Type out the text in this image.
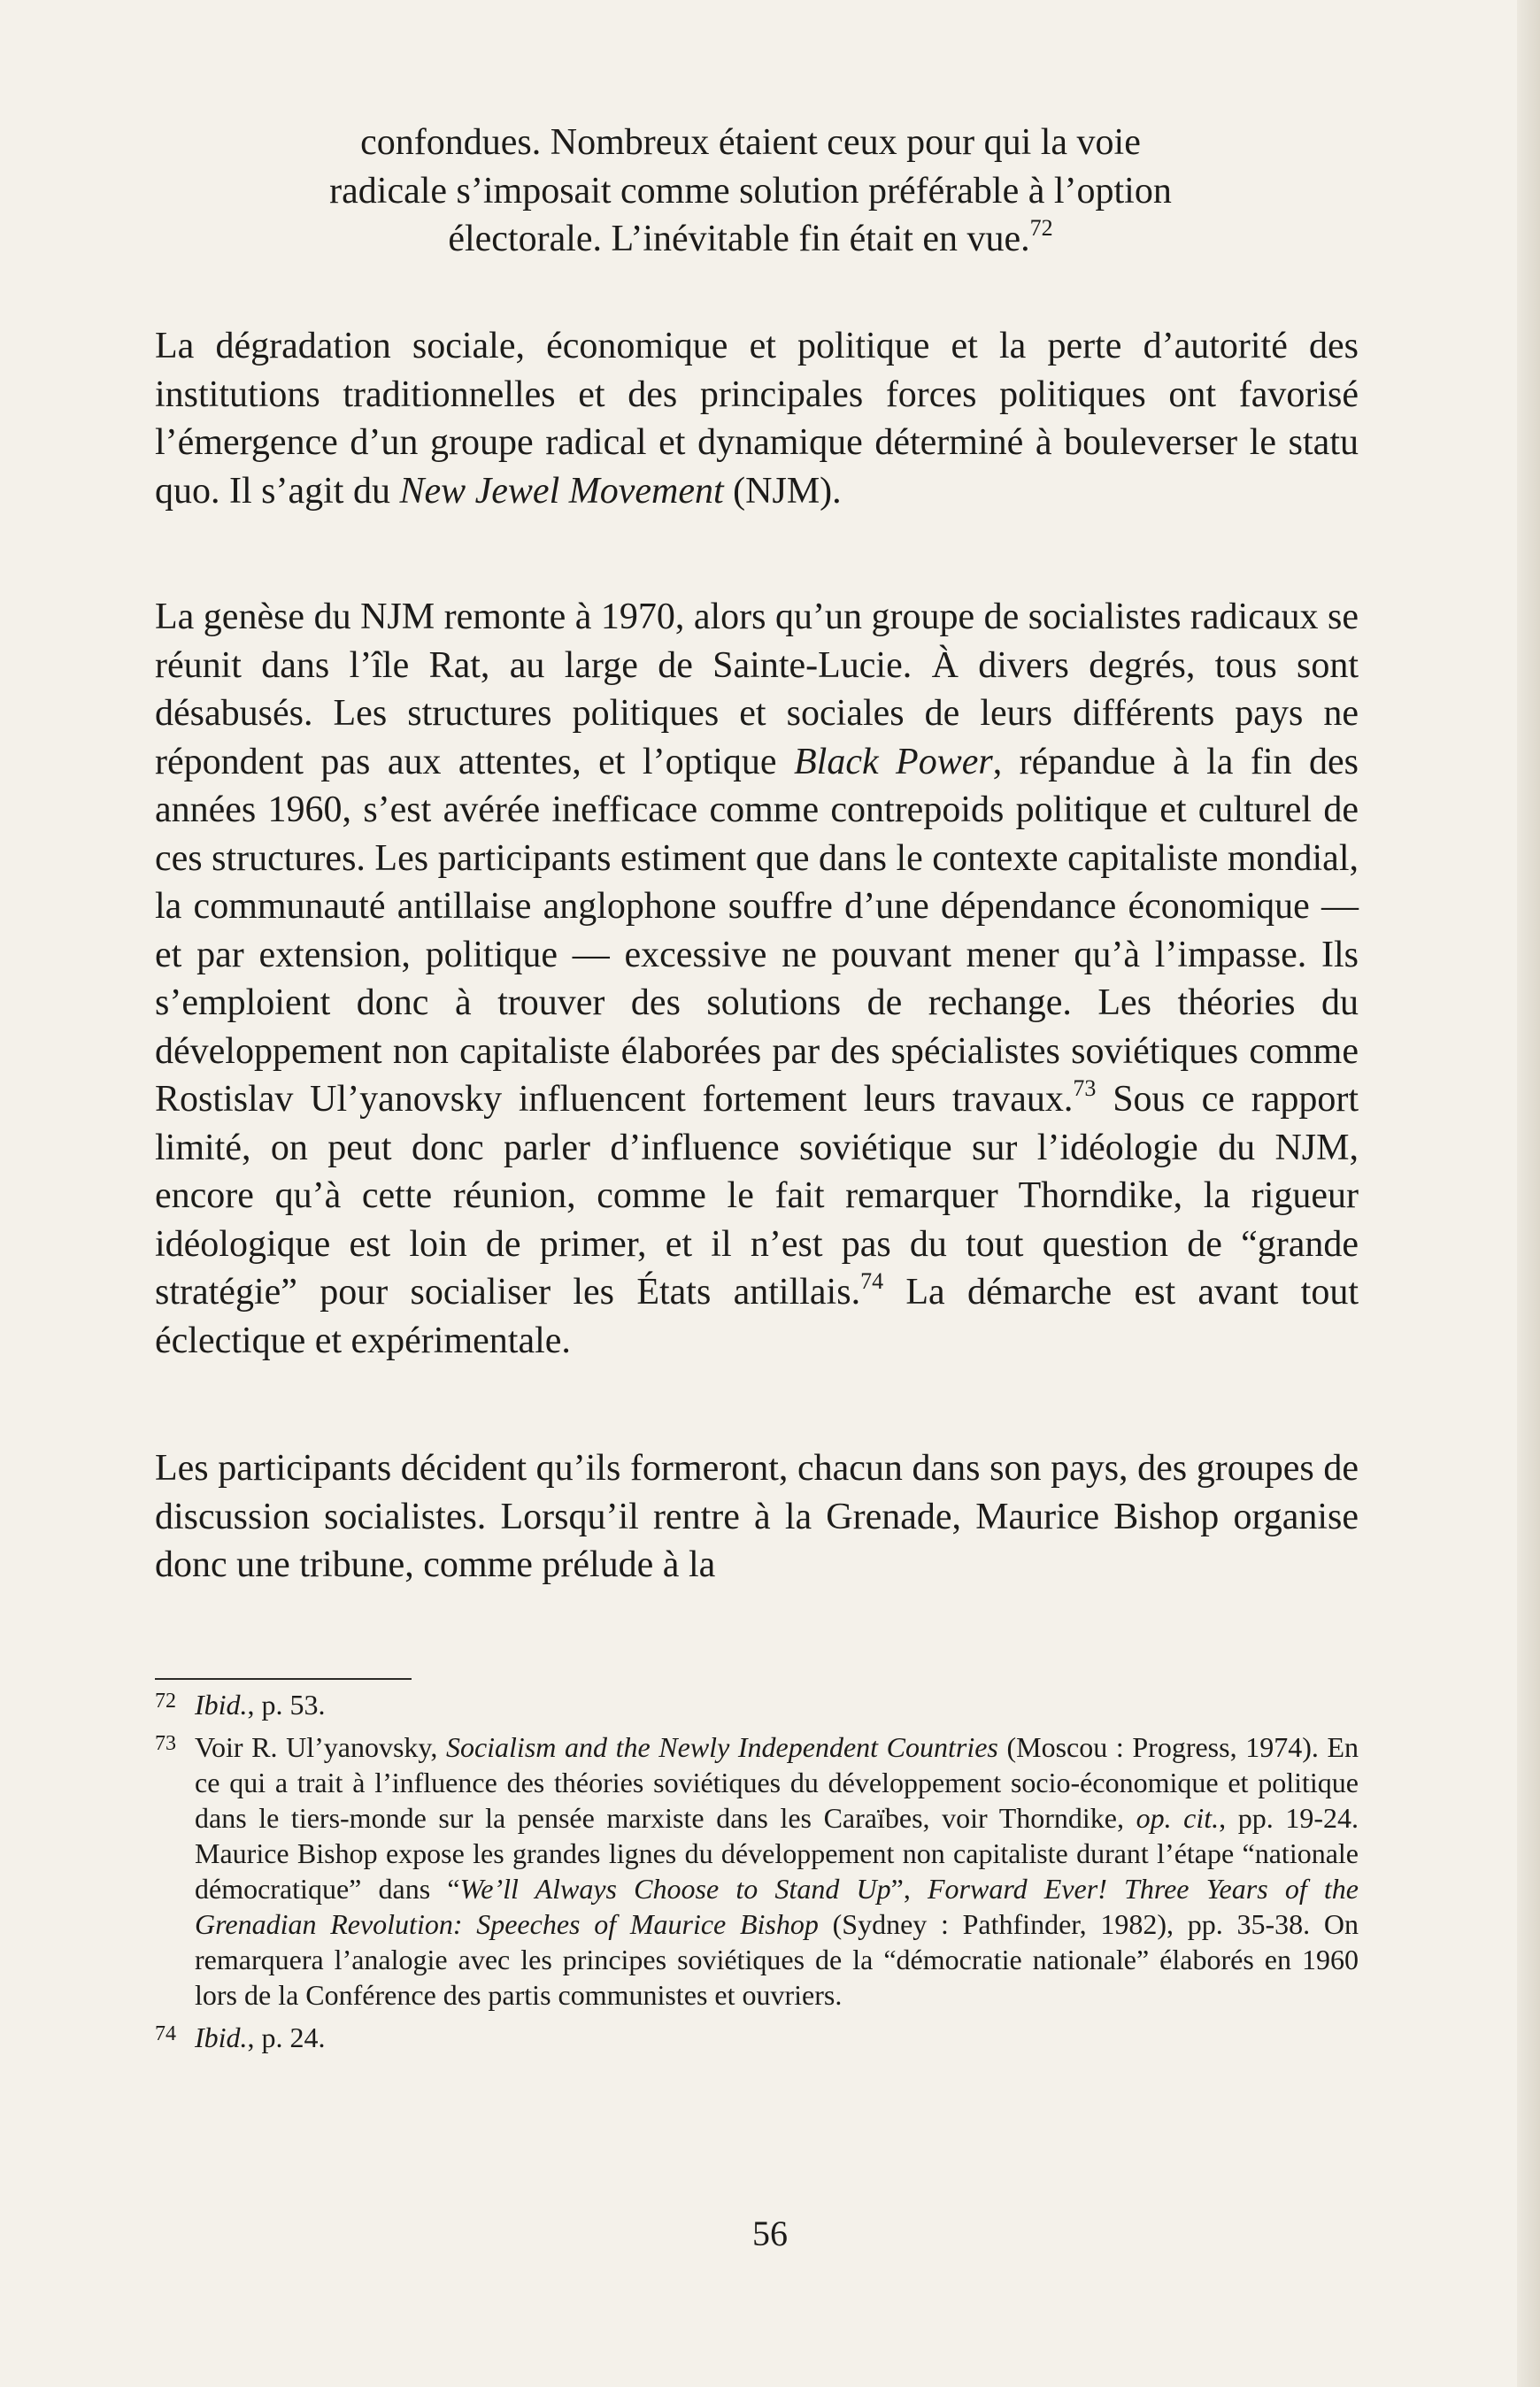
confondues. Nombreux étaient ceux pour qui la voie
radicale s’imposait comme solution préférable à l’option
électorale. L’inévitable fin était en vue.$^{72}$

La dégradation sociale, économique et politique et la perte d’autorité des institutions traditionnelles et des principales forces politiques ont favorisé l’émergence d’un groupe radical et dynamique déterminé à bouleverser le statu quo. Il s’agit du New Jewel Movement (NJM).

La genèse du NJM remonte à 1970, alors qu’un groupe de socialistes radicaux se réunit dans l’île Rat, au large de Sainte-Lucie. À divers degrés, tous sont désabusés. Les structures politiques et sociales de leurs différents pays ne répondent pas aux attentes, et l’optique Black Power, répandue à la fin des années 1960, s’est avérée inefficace comme contrepoids politique et culturel de ces structures. Les participants estiment que dans le contexte capitaliste mondial, la communauté antillaise anglophone souffre d’une dépendance économique — et par extension, politique — excessive ne pouvant mener qu’à l’impasse. Ils s’emploient donc à trouver des solutions de rechange. Les théories du développement non capitaliste élaborées par des spécialistes soviétiques comme Rostislav Ul’yanovsky influencent fortement leurs travaux.$^{73}$ Sous ce rapport limité, on peut donc parler d’influence soviétique sur l’idéologie du NJM, encore qu’à cette réunion, comme le fait remarquer Thorndike, la rigueur idéologique est loin de primer, et il n’est pas du tout question de “grande stratégie” pour socialiser les États antillais.$^{74}$ La démarche est avant tout éclectique et expérimentale.

Les participants décident qu’ils formeront, chacun dans son pays, des groupes de discussion socialistes. Lorsqu’il rentre à la Grenade, Maurice Bishop organise donc une tribune, comme prélude à la

72 Ibid., p. 53.
73 Voir R. Ul’yanovsky, Socialism and the Newly Independent Countries (Moscou : Progress, 1974). En ce qui a trait à l’influence des théories soviétiques du développement socio-économique et politique dans le tiers-monde sur la pensée marxiste dans les Caraïbes, voir Thorndike, op. cit., pp. 19-24. Maurice Bishop expose les grandes lignes du développement non capitaliste durant l’étape “nationale démocratique” dans “We’ll Always Choose to Stand Up”, Forward Ever! Three Years of the Grenadian Revolution: Speeches of Maurice Bishop (Sydney : Pathfinder, 1982), pp. 35-38. On remarquera l’analogie avec les principes soviétiques de la “démocratie nationale” élaborés en 1960 lors de la Conférence des partis communistes et ouvriers.
74 Ibid., p. 24.
56
